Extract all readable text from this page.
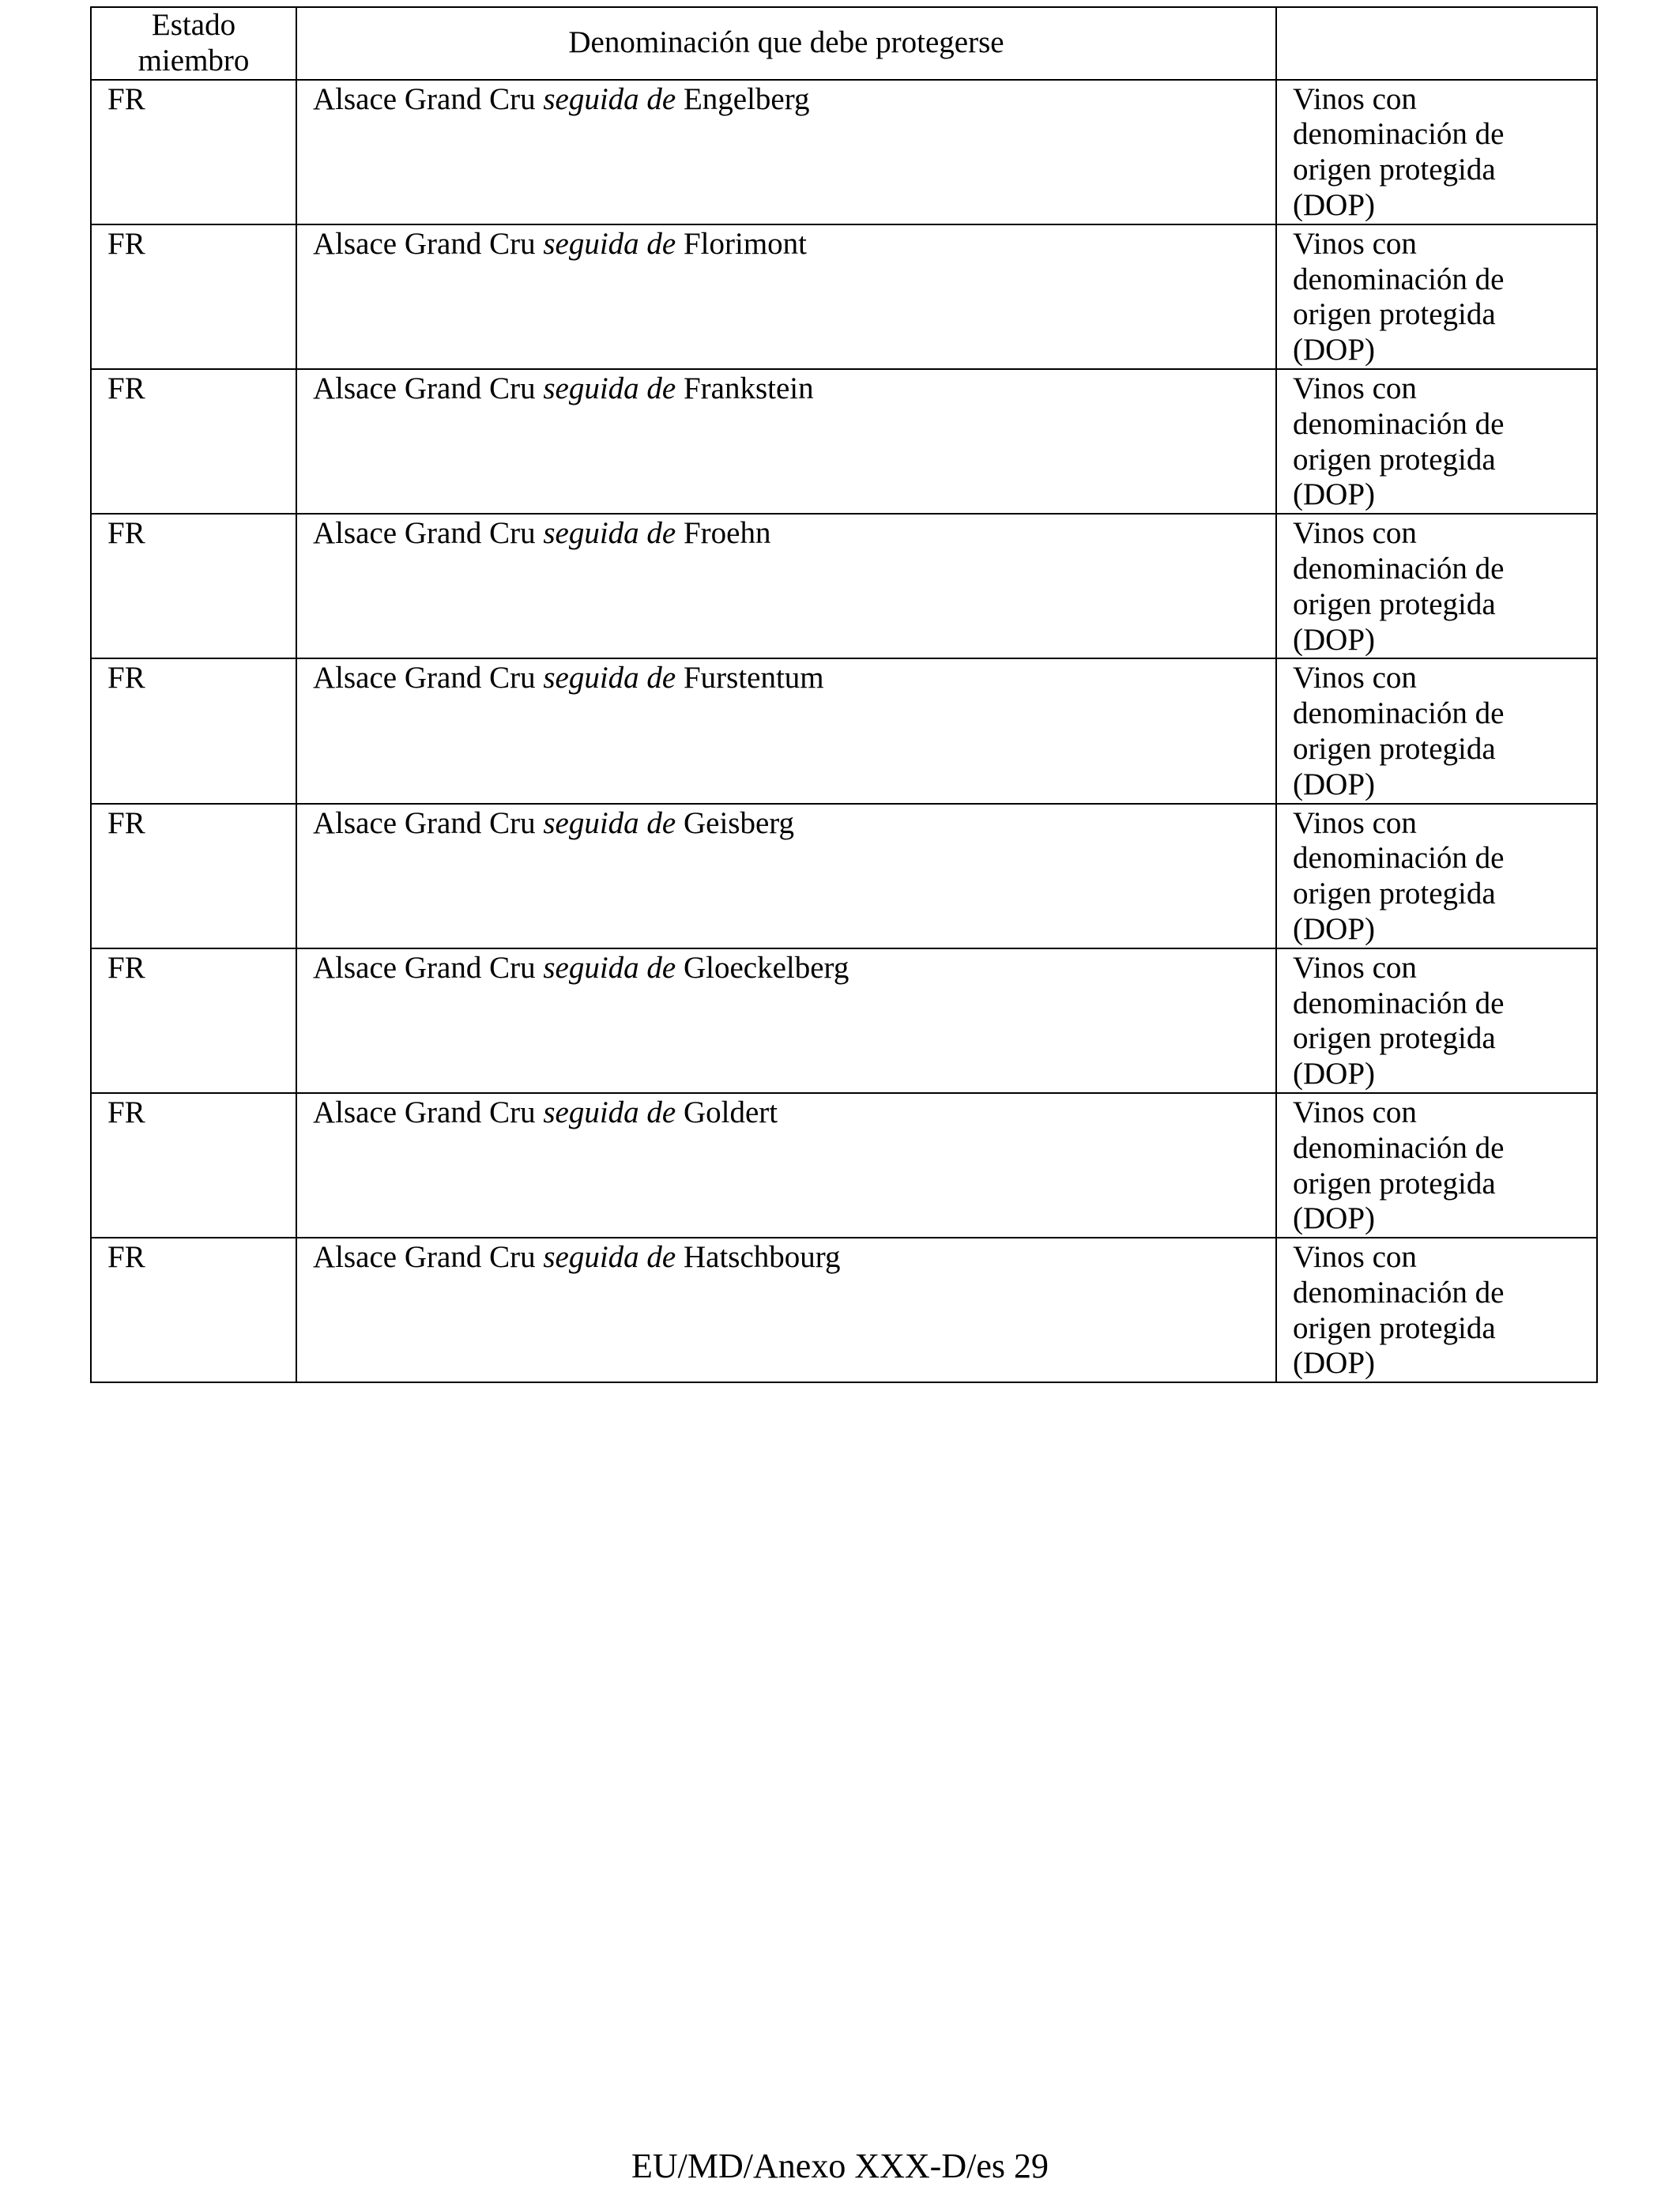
Estado miembro	Denominación que debe protegerse	
FR	Alsace Grand Cru seguida de Engelberg	Vinos con denominación de origen protegida (DOP)
FR	Alsace Grand Cru seguida de Florimont	Vinos con denominación de origen protegida (DOP)
FR	Alsace Grand Cru seguida de Frankstein	Vinos con denominación de origen protegida (DOP)
FR	Alsace Grand Cru seguida de Froehn	Vinos con denominación de origen protegida (DOP)
FR	Alsace Grand Cru seguida de Furstentum	Vinos con denominación de origen protegida (DOP)
FR	Alsace Grand Cru seguida de Geisberg	Vinos con denominación de origen protegida (DOP)
FR	Alsace Grand Cru seguida de Gloeckelberg	Vinos con denominación de origen protegida (DOP)
FR	Alsace Grand Cru seguida de Goldert	Vinos con denominación de origen protegida (DOP)
FR	Alsace Grand Cru seguida de Hatschbourg	Vinos con denominación de origen protegida (DOP)
EU/MD/Anexo XXX-D/es 29
